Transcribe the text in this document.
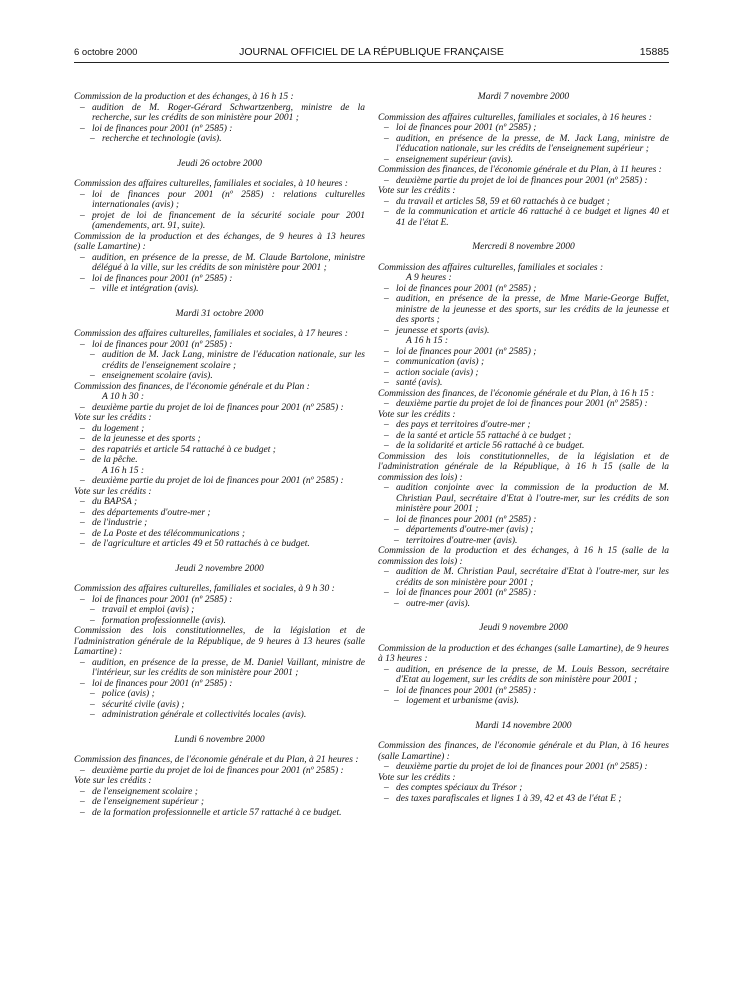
6 octobre 2000	JOURNAL OFFICIEL DE LA RÉPUBLIQUE FRANÇAISE	15885
Commission de la production et des échanges, à 16 h 15 :
– audition de M. Roger-Gérard Schwartzenberg, ministre de la recherche, sur les crédits de son ministère pour 2001 ;
– loi de finances pour 2001 (nº 2585) :
– recherche et technologie (avis).
Jeudi 26 octobre 2000
Commission des affaires culturelles, familiales et sociales, à 10 heures :
– loi de finances pour 2001 (nº 2585) : relations culturelles internationales (avis) ;
– projet de loi de financement de la sécurité sociale pour 2001 (amendements, art. 91, suite).
Commission de la production et des échanges, de 9 heures à 13 heures (salle Lamartine) :
– audition, en présence de la presse, de M. Claude Bartolone, ministre délégué à la ville, sur les crédits de son ministère pour 2001 ;
– loi de finances pour 2001 (nº 2585) :
– ville et intégration (avis).
Mardi 31 octobre 2000
Commission des affaires culturelles, familiales et sociales, à 17 heures :
– loi de finances pour 2001 (nº 2585) :
– audition de M. Jack Lang, ministre de l'éducation nationale, sur les crédits de l'enseignement scolaire ;
– enseignement scolaire (avis).
Commission des finances, de l'économie générale et du Plan :
A 10 h 30 :
– deuxième partie du projet de loi de finances pour 2001 (nº 2585) :
Vote sur les crédits :
– du logement ;
– de la jeunesse et des sports ;
– des rapatriés et article 54 rattaché à ce budget ;
– de la pêche.
A 16 h 15 :
– deuxième partie du projet de loi de finances pour 2001 (nº 2585) :
Vote sur les crédits :
– du BAPSA ;
– des départements d'outre-mer ;
– de l'industrie ;
– de La Poste et des télécommunications ;
– de l'agriculture et articles 49 et 50 rattachés à ce budget.
Jeudi 2 novembre 2000
Commission des affaires culturelles, familiales et sociales, à 9 h 30 :
– loi de finances pour 2001 (nº 2585) :
– travail et emploi (avis) ;
– formation professionnelle (avis).
Commission des lois constitutionnelles, de la législation et de l'administration générale de la République, de 9 heures à 13 heures (salle Lamartine) :
– audition, en présence de la presse, de M. Daniel Vaillant, ministre de l'intérieur, sur les crédits de son ministère pour 2001 ;
– loi de finances pour 2001 (nº 2585) :
– police (avis) ;
– sécurité civile (avis) ;
– administration générale et collectivités locales (avis).
Lundi 6 novembre 2000
Commission des finances, de l'économie générale et du Plan, à 21 heures :
– deuxième partie du projet de loi de finances pour 2001 (nº 2585) :
Vote sur les crédits :
– de l'enseignement scolaire ;
– de l'enseignement supérieur ;
– de la formation professionnelle et article 57 rattaché à ce budget.
Mardi 7 novembre 2000
Commission des affaires culturelles, familiales et sociales, à 16 heures :
– loi de finances pour 2001 (nº 2585) ;
– audition, en présence de la presse, de M. Jack Lang, ministre de l'éducation nationale, sur les crédits de l'enseignement supérieur ;
– enseignement supérieur (avis).
Commission des finances, de l'économie générale et du Plan, à 11 heures :
– deuxième partie du projet de loi de finances pour 2001 (nº 2585) :
Vote sur les crédits :
– du travail et articles 58, 59 et 60 rattachés à ce budget ;
– de la communication et article 46 rattaché à ce budget et lignes 40 et 41 de l'état E.
Mercredi 8 novembre 2000
Commission des affaires culturelles, familiales et sociales :
A 9 heures :
– loi de finances pour 2001 (nº 2585) ;
– audition, en présence de la presse, de Mme Marie-George Buffet, ministre de la jeunesse et des sports, sur les crédits de la jeunesse et des sports ;
– jeunesse et sports (avis).
A 16 h 15 :
– loi de finances pour 2001 (nº 2585) ;
– communication (avis) ;
– action sociale (avis) ;
– santé (avis).
Commission des finances, de l'économie générale et du Plan, à 16 h 15 :
– deuxième partie du projet de loi de finances pour 2001 (nº 2585) :
Vote sur les crédits :
– des pays et territoires d'outre-mer ;
– de la santé et article 55 rattaché à ce budget ;
– de la solidarité et article 56 rattaché à ce budget.
Commission des lois constitutionnelles, de la législation et de l'administration générale de la République, à 16 h 15 (salle de la commission des lois) :
– audition conjointe avec la commission de la production de M. Christian Paul, secrétaire d'Etat à l'outre-mer, sur les crédits de son ministère pour 2001 ;
– loi de finances pour 2001 (nº 2585) :
– départements d'outre-mer (avis) ;
– territoires d'outre-mer (avis).
Commission de la production et des échanges, à 16 h 15 (salle de la commission des lois) :
– audition de M. Christian Paul, secrétaire d'Etat à l'outre-mer, sur les crédits de son ministère pour 2001 ;
– loi de finances pour 2001 (nº 2585) :
– outre-mer (avis).
Jeudi 9 novembre 2000
Commission de la production et des échanges (salle Lamartine), de 9 heures à 13 heures :
– audition, en présence de la presse, de M. Louis Besson, secrétaire d'Etat au logement, sur les crédits de son ministère pour 2001 ;
– loi de finances pour 2001 (nº 2585) :
– logement et urbanisme (avis).
Mardi 14 novembre 2000
Commission des finances, de l'économie générale et du Plan, à 16 heures (salle Lamartine) :
– deuxième partie du projet de loi de finances pour 2001 (nº 2585) :
Vote sur les crédits :
– des comptes spéciaux du Trésor ;
– des taxes parafiscales et lignes 1 à 39, 42 et 43 de l'état E ;
